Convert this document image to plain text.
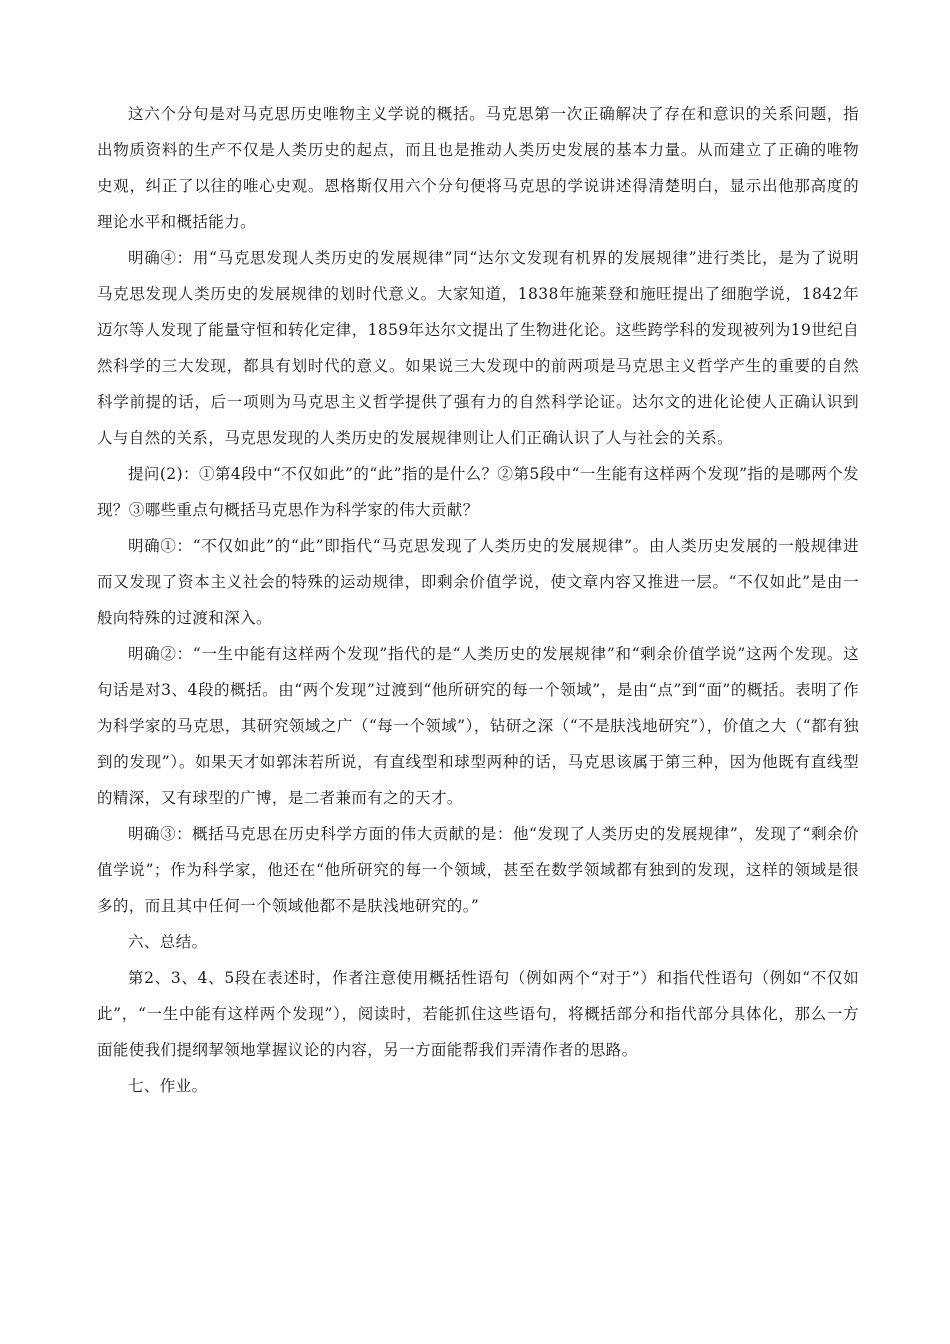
这六个分句是对马克思历史唯物主义学说的概括。马克思第一次正确解决了存在和意识的关系问题，指出物质资料的生产不仅是人类历史的起点，而且也是推动人类历史发展的基本力量。从而建立了正确的唯物史观，纠正了以往的唯心史观。恩格斯仅用六个分句便将马克思的学说讲述得清楚明白，显示出他那高度的理论水平和概括能力。

明确④：用“马克思发现人类历史的发展规律”同“达尔文发现有机界的发展规律”进行类比，是为了说明马克思发现人类历史的发展规律的划时代意义。大家知道，1838年施莱登和施旺提出了细胞学说，1842年迈尔等人发现了能量守恒和转化定律，1859年达尔文提出了生物进化论。这些跨学科的发现被列为19世纪自然科学的三大发现，都具有划时代的意义。如果说三大发现中的前两项是马克思主义哲学产生的重要的自然科学前提的话，后一项则为马克思主义哲学提供了强有力的自然科学论证。达尔文的进化论使人正确认识到人与自然的关系，马克思发现的人类历史的发展规律则让人们正确认识了人与社会的关系。

提问(2)：①第4段中“不仅如此”的“此”指的是什么？②第5段中“一生能有这样两个发现”指的是哪两个发现？③哪些重点句概括马克思作为科学家的伟大贡献？

明确①：“不仅如此”的“此”即指代“马克思发现了人类历史的发展规律”。由人类历史发展的一般规律进而又发现了资本主义社会的特殊的运动规律，即剩余价值学说，使文章内容又推进一层。“不仅如此”是由一般向特殊的过渡和深入。

明确②：“一生中能有这样两个发现”指代的是“人类历史的发展规律”和“剩余价值学说”这两个发现。这句话是对3、4段的概括。由“两个发现”过渡到“他所研究的每一个领域”，是由“点”到“面”的概括。表明了作为科学家的马克思，其研究领域之广（“每一个领域”），钻研之深（“不是肤浅地研究”），价值之大（“都有独到的发现”）。如果天才如郭沫若所说，有直线型和球型两种的话，马克思该属于第三种，因为他既有直线型的精深，又有球型的广博，是二者兼而有之的天才。

明确③：概括马克思在历史科学方面的伟大贡献的是：他“发现了人类历史的发展规律”，发现了“剩余价值学说”；作为科学家，他还在“他所研究的每一个领域，甚至在数学领域都有独到的发现，这样的领域是很多的，而且其中任何一个领域他都不是肤浅地研究的。”

六、总结。

第2、3、4、5段在表述时，作者注意使用概括性语句（例如两个“对于”）和指代性语句（例如“不仅如此”，“一生中能有这样两个发现”），阅读时，若能抓住这些语句，将概括部分和指代部分具体化，那么一方面能使我们提纲挈领地掌握议论的内容，另一方面能帮我们弄清作者的思路。

七、作业。
